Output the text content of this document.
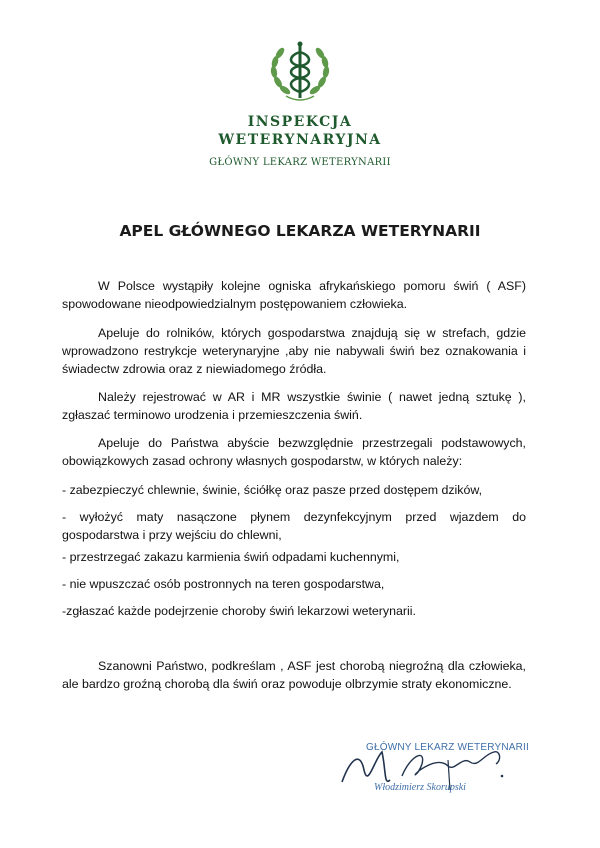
INSPEKCJA
WETERYNARYJNA
GŁÓWNY LEKARZ WETERYNARII
APEL GŁÓWNEGO LEKARZA WETERYNARII
W Polsce wystąpiły kolejne ogniska afrykańskiego pomoru świń ( ASF) spowodowane nieodpowiedzialnym postępowaniem człowieka.
Apeluje do rolników, których gospodarstwa znajdują się w strefach, gdzie wprowadzono restrykcje weterynaryjne ,aby nie nabywali świń bez oznakowania i świadectw zdrowia oraz z niewiadomego źródła.
Należy rejestrować w AR i MR wszystkie świnie ( nawet jedną sztukę ), zgłaszać terminowo urodzenia i przemieszczenia świń.
Apeluje do Państwa abyście bezwzględnie przestrzegali podstawowych, obowiązkowych zasad ochrony własnych gospodarstw, w których należy:
- zabezpieczyć chlewnie, świnie, ściółkę oraz pasze przed dostępem dzików,
- wyłożyć maty nasączone płynem dezynfekcyjnym przed wjazdem do gospodarstwa i przy wejściu do chlewni,
- przestrzegać zakazu karmienia świń odpadami kuchennymi,
- nie wpuszczać osób postronnych na teren gospodarstwa,
-zgłaszać każde podejrzenie choroby świń lekarzowi weterynarii.
Szanowni Państwo, podkreślam , ASF jest chorobą niegroźną dla człowieka, ale bardzo groźną chorobą dla świń oraz powoduje olbrzymie straty ekonomiczne.
GŁÓWNY LEKARZ WETERYNARII
Włodzimierz Skorupski
